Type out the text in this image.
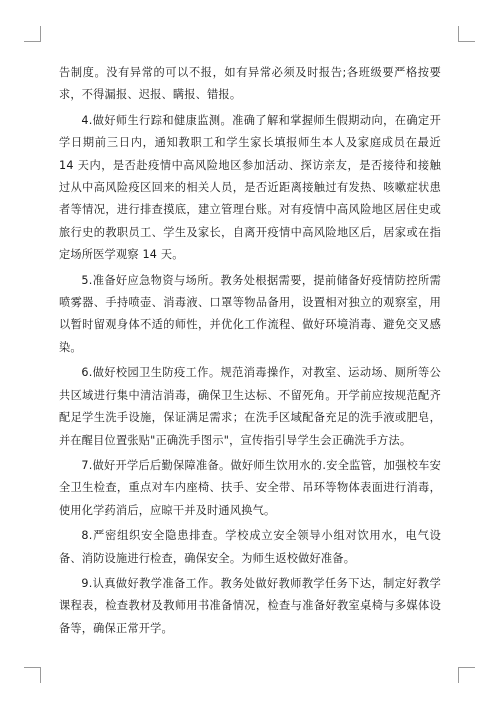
告制度。没有异常的可以不报，如有异常必须及时报告;各班级要严格按要求，不得漏报、迟报、瞒报、错报。

4.做好师生行踪和健康监测。准确了解和掌握师生假期动向，在确定开学日期前三日内，通知教职工和学生家长填报师生本人及家庭成员在最近 14 天内，是否赴疫情中高风险地区参加活动、探访亲友，是否接待和接触过从中高风险疫区回来的相关人员，是否近距离接触过有发热、咳嗽症状患者等情况，进行排查摸底，建立管理台账。对有疫情中高风险地区居住史或旅行史的教职员工、学生及家长，自离开疫情中高风险地区后，居家或在指定场所医学观察 14 天。

5.准备好应急物资与场所。教务处根据需要，提前储备好疫情防控所需喷雾器、手持喷壶、消毒液、口罩等物品备用，设置相对独立的观察室，用以暂时留观身体不适的师性，并优化工作流程、做好环境消毒、避免交叉感染。

6.做好校园卫生防疫工作。规范消毒操作，对教室、运动场、厕所等公共区域进行集中清洁消毒，确保卫生达标、不留死角。开学前应按规范配齐配足学生洗手设施，保证满足需求；在洗手区域配备充足的洗手液或肥皂，并在醒目位置张贴"正确洗手图示"，宣传指引导学生会正确洗手方法。

7.做好开学后后勤保障准备。做好师生饮用水的.安全监管，加强校车安全卫生检查，重点对车内座椅、扶手、安全带、吊环等物体表面进行消毒，使用化学药消后，应晾干并及时通风换气。

8.严密组织安全隐患排查。学校成立安全领导小组对饮用水，电气设备、消防设施进行检查，确保安全。为师生返校做好准备。

9.认真做好教学准备工作。教务处做好教师教学任务下达，制定好教学课程表，检查教材及教师用书准备情况，检查与准备好教室桌椅与多媒体设备等，确保正常开学。
